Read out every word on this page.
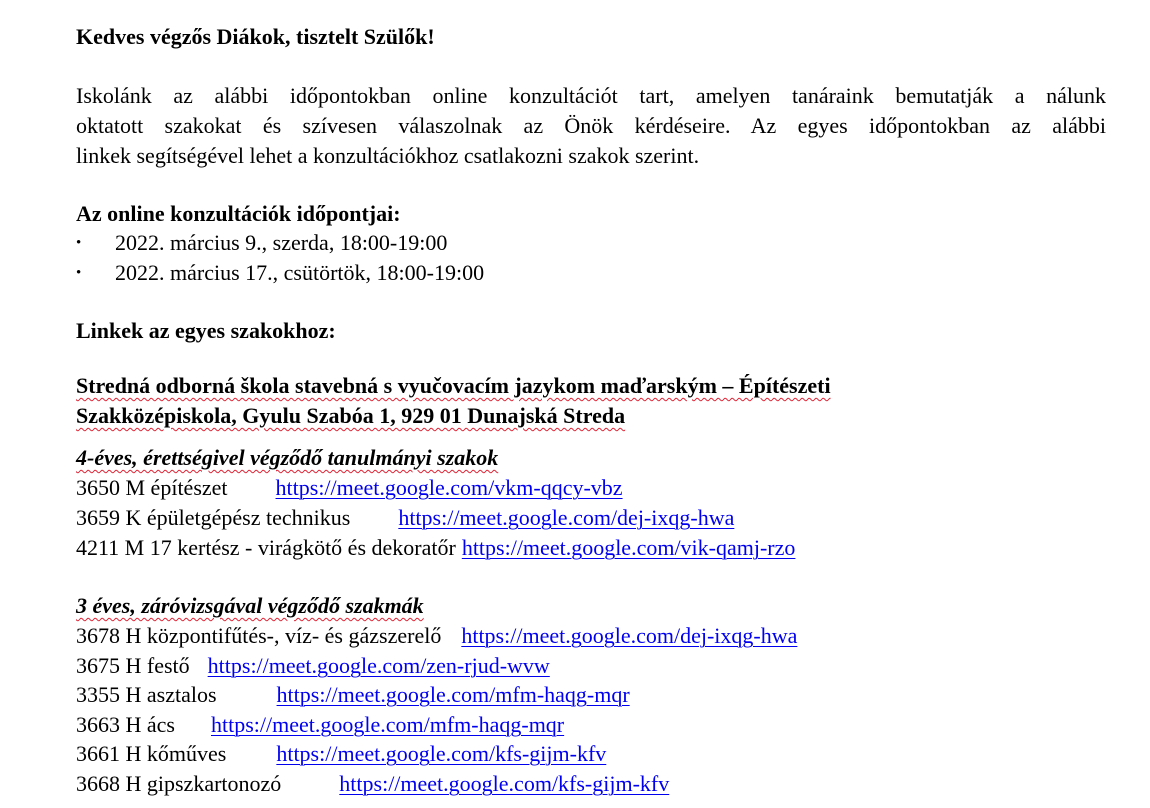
Kedves végzős Diákok, tisztelt Szülők!
Iskolánk az alábbi időpontokban online konzultációt tart, amelyen tanáraink bemutatják a nálunk
oktatott szakokat és szívesen válaszolnak az Önök kérdéseire. Az egyes időpontokban az alábbi
linkek segítségével lehet a konzultációkhoz csatlakozni szakok szerint.
Az online konzultációk időpontjai:
• 2022. március 9., szerda, 18:00-19:00
• 2022. március 17., csütörtök, 18:00-19:00
Linkek az egyes szakokhoz:
Stredná odborná škola stavebná s vyučovacím jazykom maďarským – Építészeti
Szakközépiskola, Gyulu Szabóa 1, 929 01 Dunajská Streda
4-éves, érettségivel végződő tanulmányi szakok
3650 M építészet https://meet.google.com/vkm-qqcy-vbz
3659 K épületgépész technikus https://meet.google.com/dej-ixqg-hwa
4211 M 17 kertész - virágkötő és dekoratőr https://meet.google.com/vik-qamj-rzo
3 éves, záróvizsgával végződő szakmák
3678 H központifűtés-, víz- és gázszerelő https://meet.google.com/dej-ixqg-hwa
3675 H festő https://meet.google.com/zen-rjud-wvw
3355 H asztalos	https://meet.google.com/mfm-haqg-mqr
3663 H ács https://meet.google.com/mfm-haqg-mqr
3661 H kőműves https://meet.google.com/kfs-gijm-kfv
3668 H gipszkartonozó	https://meet.google.com/kfs-gijm-kfv
